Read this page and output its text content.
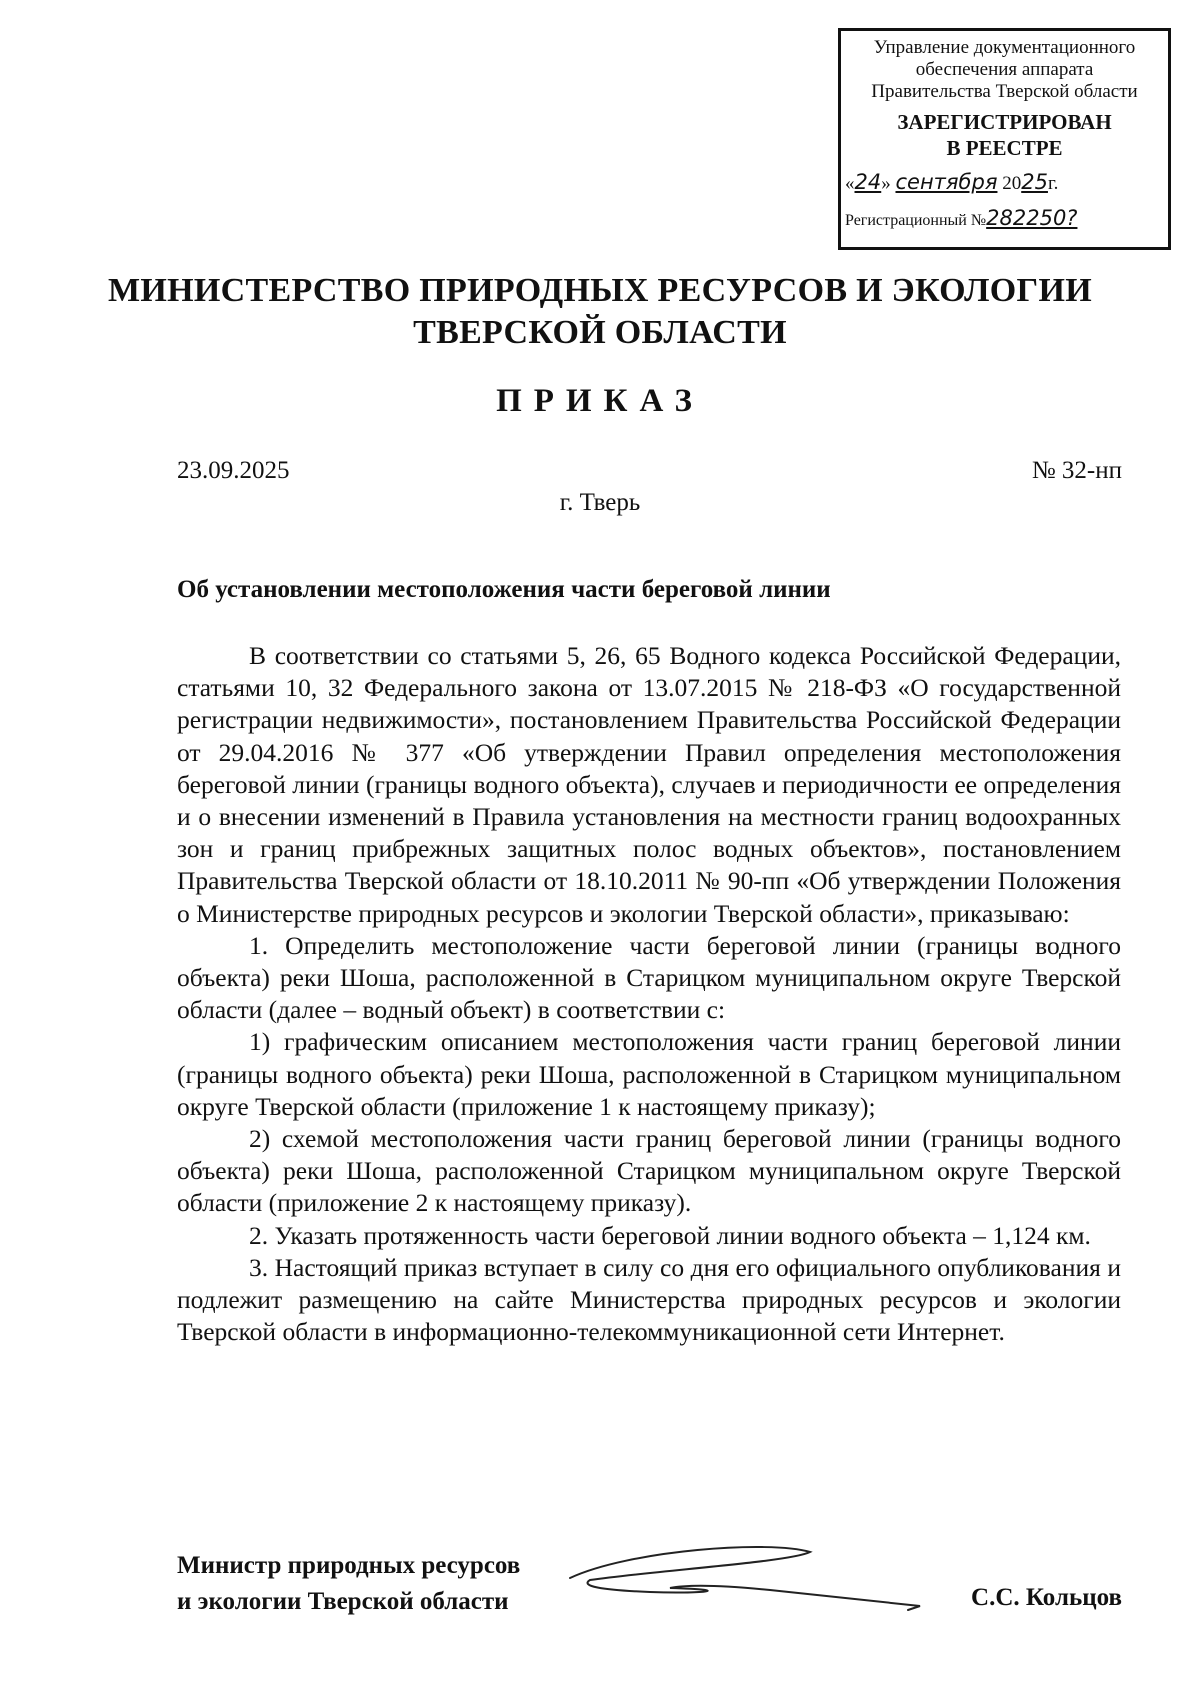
Управление документационного
обеспечения аппарата
Правительства Тверской области
ЗАРЕГИСТРИРОВАН
В РЕЕСТРЕ
«24» сентября 2025г.
Регистрационный №282250?
МИНИСТЕРСТВО ПРИРОДНЫХ РЕСУРСОВ И ЭКОЛОГИИ
ТВЕРСКОЙ ОБЛАСТИ
ПРИКАЗ
23.09.2025	№ 32-нп
г. Тверь
Об установлении местоположения части береговой линии

В соответствии со статьями 5, 26, 65 Водного кодекса Российской Федерации, статьями 10, 32 Федерального закона от 13.07.2015 № 218-ФЗ «О государственной регистрации недвижимости», постановлением Правительства Российской Федерации от 29.04.2016 № 377 «Об утверждении Правил определения местоположения береговой линии (границы водного объекта), случаев и периодичности ее определения и о внесении изменений в Правила установления на местности границ водоохранных зон и границ прибрежных защитных полос водных объектов», постановлением Правительства Тверской области от 18.10.2011 № 90-пп «Об утверждении Положения о Министерстве природных ресурсов и экологии Тверской области», приказываю:

1. Определить местоположение части береговой линии (границы водного объекта) реки Шоша, расположенной в Старицком муниципальном округе Тверской области (далее – водный объект) в соответствии с:

1) графическим описанием местоположения части границ береговой линии (границы водного объекта) реки Шоша, расположенной в Старицком муниципальном округе Тверской области (приложение 1 к настоящему приказу);

2) схемой местоположения части границ береговой линии (границы водного объекта) реки Шоша, расположенной Старицком муниципальном округе Тверской области (приложение 2 к настоящему приказу).

2. Указать протяженность части береговой линии водного объекта – 1,124 км.

3. Настоящий приказ вступает в силу со дня его официального опубликования и подлежит размещению на сайте Министерства природных ресурсов и экологии Тверской области в информационно-телекоммуникационной сети Интернет.

Министр природных ресурсов
и экологии Тверской области	С.С. Кольцов
